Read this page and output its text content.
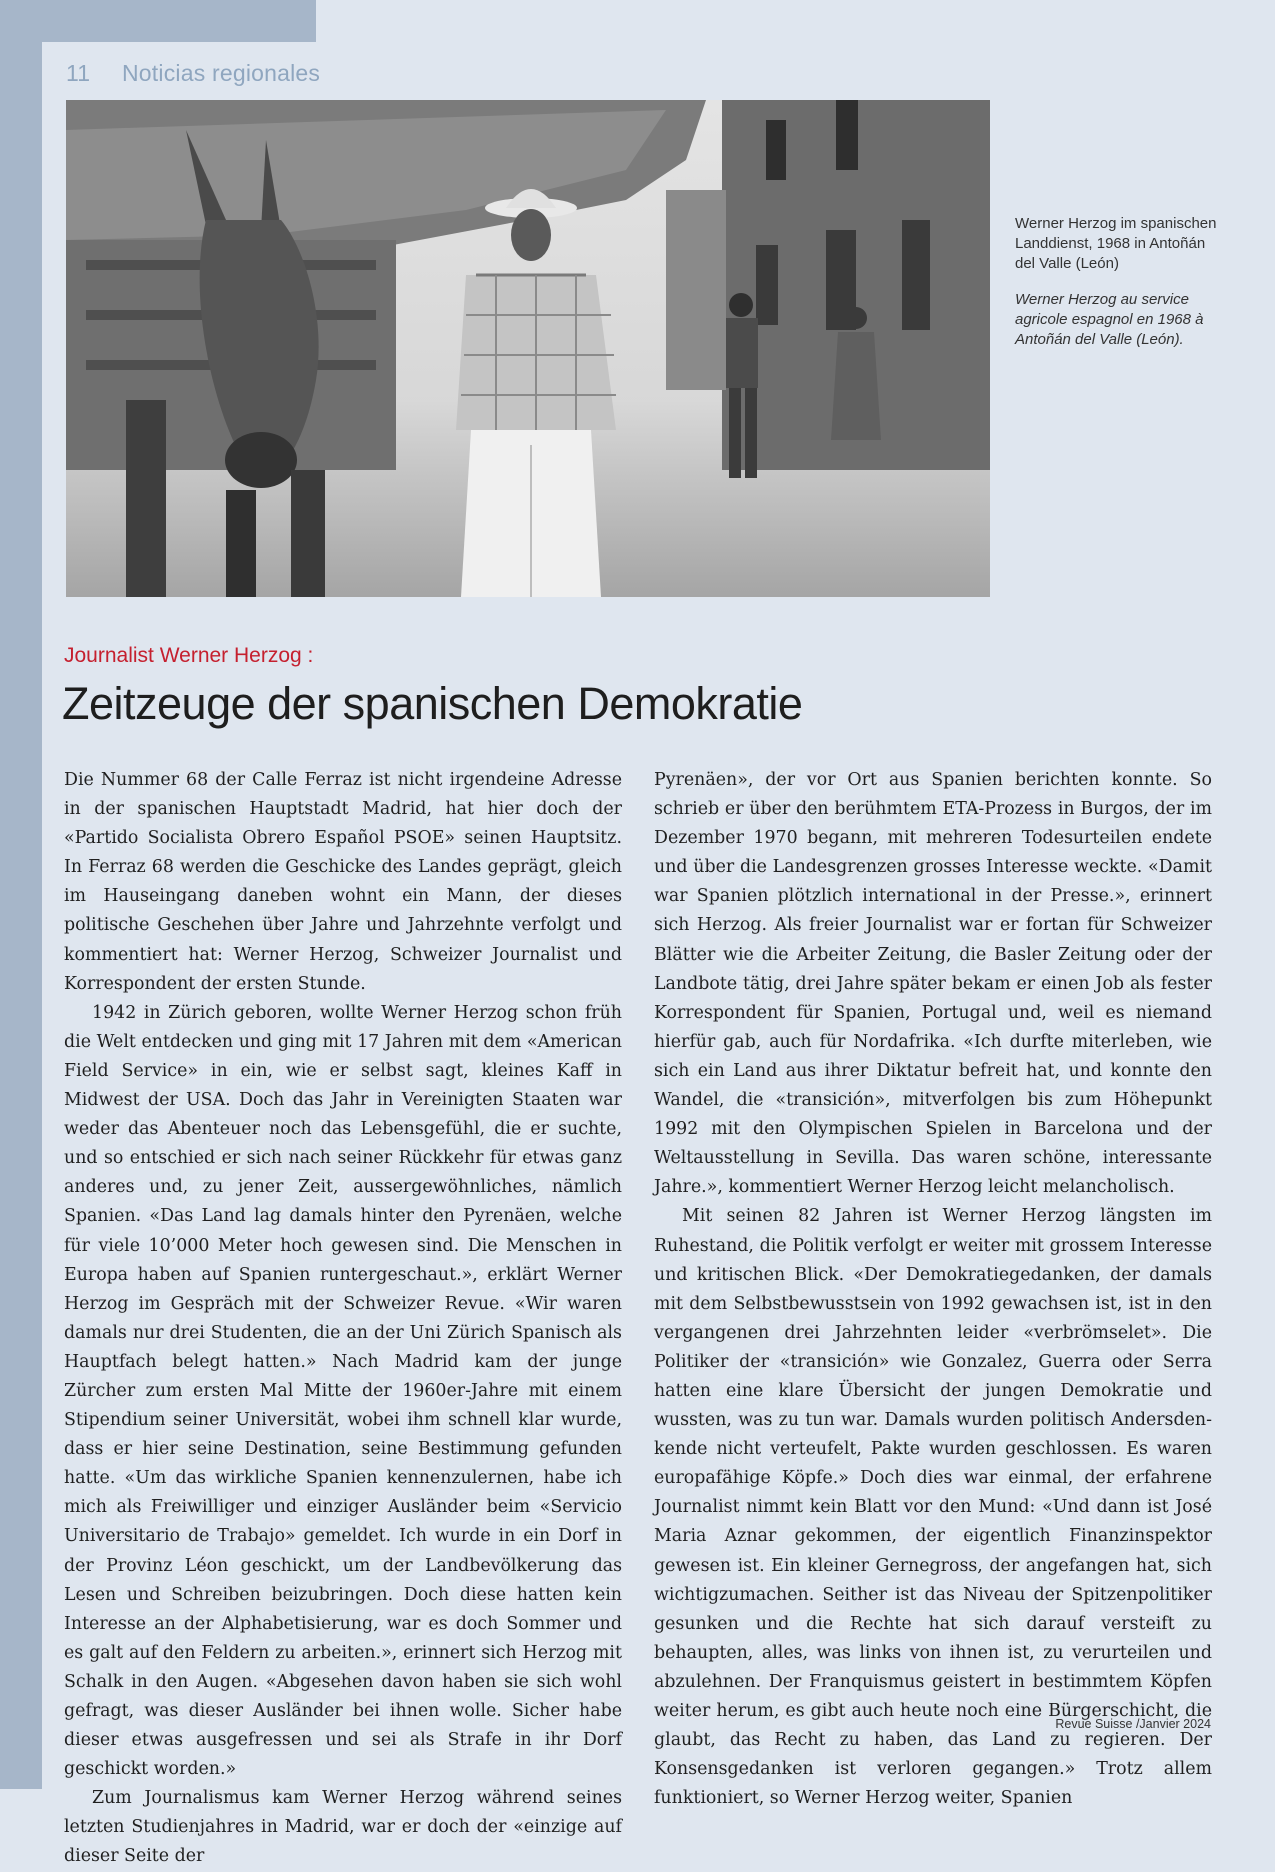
11 Noticias regionales

Werner Herzog im spanischen Landdienst, 1968 in Antoñán del Valle (León)

Werner Herzog au service agricole espagnol en 1968 à Antoñán del Valle (León).

Journalist Werner Herzog :
Zeitzeuge der spanischen Demokratie

Die Nummer 68 der Calle Ferraz ist nicht irgendeine Adresse in der spanischen Hauptstadt Madrid, hat hier doch der «Partido Socialista Obrero Español PSOE» seinen Hauptsitz. In Ferraz 68 werden die Geschicke des Landes geprägt, gleich im Hauseingang daneben wohnt ein Mann, der dieses politische Geschehen über Jahre und Jahrzehnte verfolgt und kommentiert hat: Werner Herzog, Schweizer Journalist und Korrespondent der ersten Stunde.

1942 in Zürich geboren, wollte Werner Herzog schon früh die Welt entdecken und ging mit 17 Jahren mit dem «American Field Service» in ein, wie er selbst sagt, kleines Kaff in Midwest der USA. Doch das Jahr in Vereinigten Staaten war weder das Abenteuer noch das Lebensgefühl, die er suchte, und so entschied er sich nach seiner Rückkehr für etwas ganz anderes und, zu jener Zeit, aussergewöhnliches, nämlich Spanien. «Das Land lag damals hinter den Pyrenäen, welche für viele 10’000 Meter hoch gewesen sind. Die Menschen in Europa haben auf Spanien runtergeschaut.», erklärt Werner Herzog im Gespräch mit der Schweizer Revue. «Wir waren damals nur drei Studenten, die an der Uni Zürich Spanisch als Hauptfach belegt hatten.» Nach Madrid kam der junge Zürcher zum ersten Mal Mitte der 1960er-Jahre mit einem Stipendium seiner Universität, wobei ihm schnell klar wurde, dass er hier seine Destination, seine Bestimmung gefunden hatte. «Um das wirkliche Spanien kennenzulernen, habe ich mich als Freiwilliger und einziger Ausländer beim «Servicio Universitario de Trabajo» gemeldet. Ich wurde in ein Dorf in der Provinz Léon geschickt, um der Landbevölkerung das Lesen und Schreiben beizubringen. Doch diese hatten kein Interesse an der Alphabetisierung, war es doch Sommer und es galt auf den Feldern zu arbeiten.», erinnert sich Herzog mit Schalk in den Augen. «Abgesehen davon haben sie sich wohl gefragt, was dieser Ausländer bei ihnen wolle. Sicher habe dieser etwas ausgefressen und sei als Strafe in ihr Dorf geschickt worden.»

Zum Journalismus kam Werner Herzog während seines letzten Studienjahres in Madrid, war er doch der «einzige auf dieser Seite der

Pyrenäen», der vor Ort aus Spanien berichten konnte. So schrieb er über den berühmtem ETA-Prozess in Burgos, der im Dezember 1970 begann, mit mehreren Todesurteilen endete und über die Landesgrenzen grosses Interesse weckte. «Damit war Spanien plötzlich international in der Presse.», erinnert sich Herzog. Als freier Journalist war er fortan für Schweizer Blätter wie die Arbeiter Zeitung, die Basler Zeitung oder der Landbote tätig, drei Jahre später bekam er einen Job als fester Korrespondent für Spanien, Portugal und, weil es niemand hierfür gab, auch für Nordafrika. «Ich durfte miterleben, wie sich ein Land aus ihrer Diktatur befreit hat, und konnte den Wandel, die «transición», mitverfolgen bis zum Höhepunkt 1992 mit den Olympischen Spielen in Barcelona und der Weltausstellung in Sevilla. Das waren schöne, interessante Jahre.», kommentiert Werner Herzog leicht melancholisch.

Mit seinen 82 Jahren ist Werner Herzog längsten im Ruhestand, die Politik verfolgt er weiter mit grossem Interesse und kritischen Blick. «Der Demokratiegedanken, der damals mit dem Selbstbewusstsein von 1992 gewachsen ist, ist in den vergangenen drei Jahrzehnten leider «verbrömselet». Die Politiker der «transición» wie Gonzalez, Guerra oder Serra hatten eine klare Übersicht der jungen Demokratie und wussten, was zu tun war. Damals wurden politisch Andersdenkende nicht verteufelt, Pakte wurden geschlossen. Es waren europafähige Köpfe.» Doch dies war einmal, der erfahrene Journalist nimmt kein Blatt vor den Mund: «Und dann ist José Maria Aznar gekommen, der eigentlich Finanzinspektor gewesen ist. Ein kleiner Gernegross, der angefangen hat, sich wichtigzumachen. Seither ist das Niveau der Spitzenpolitiker gesunken und die Rechte hat sich darauf versteift zu behaupten, alles, was links von ihnen ist, zu verurteilen und abzulehnen. Der Franquismus geistert in bestimmtem Köpfen weiter herum, es gibt auch heute noch eine Bürgerschicht, die glaubt, das Recht zu haben, das Land zu regieren. Der Konsensgedanken ist verloren gegangen.» Trotz allem funktioniert, so Werner Herzog weiter, Spanien

Revue Suisse /Janvier 2024
